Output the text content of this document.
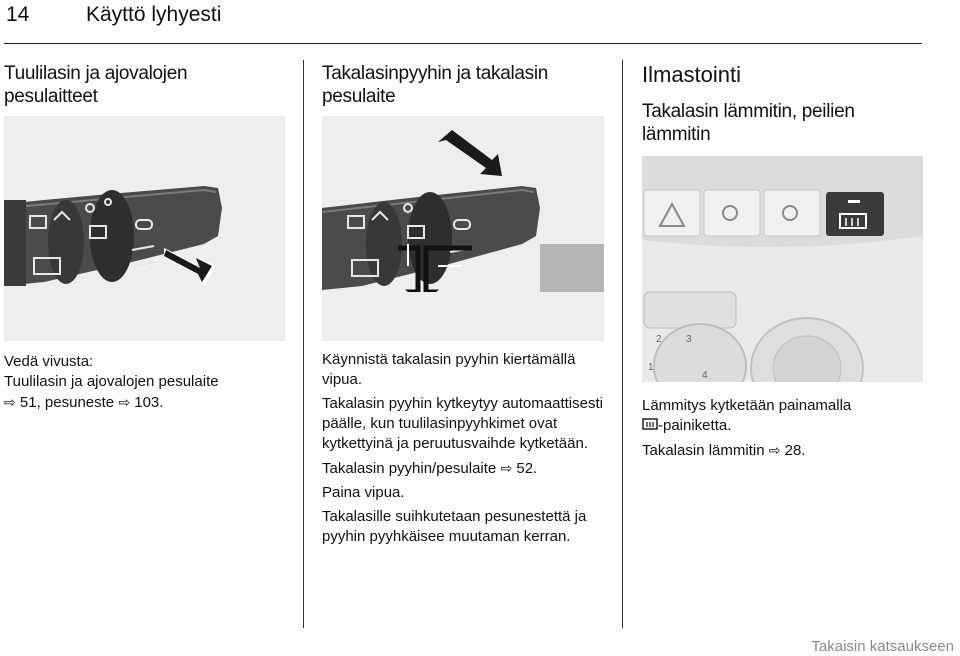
14	Käyttö lyhyesti
Tuulilasin ja ajovalojen pesulaitteet
Vedä vivusta:
Tuulilasin ja ajovalojen pesulaite
⇨ 51, pesuneste ⇨ 103.
Takalasinpyyhin ja takalasin pesulaite

Käynnistä takalasin pyyhin kiertämällä vipua.

Takalasin pyyhin kytkeytyy automaattisesti päälle, kun tuulilasinpyyhkimet ovat kytkettyinä ja peruutusvaihde kytketään.

Takalasin pyyhin/pesulaite ⇨ 52.

Paina vipua.

Takalasille suihkutetaan pesunestettä ja pyyhin pyyhkäisee muutaman kerran.

Ilmastointi
Takalasin lämmitin, peilien lämmitin
2 3
1
4
Lämmitys kytketään painamalla
-painiketta.
Takalasin lämmitin ⇨ 28.
Takaisin katsaukseen
